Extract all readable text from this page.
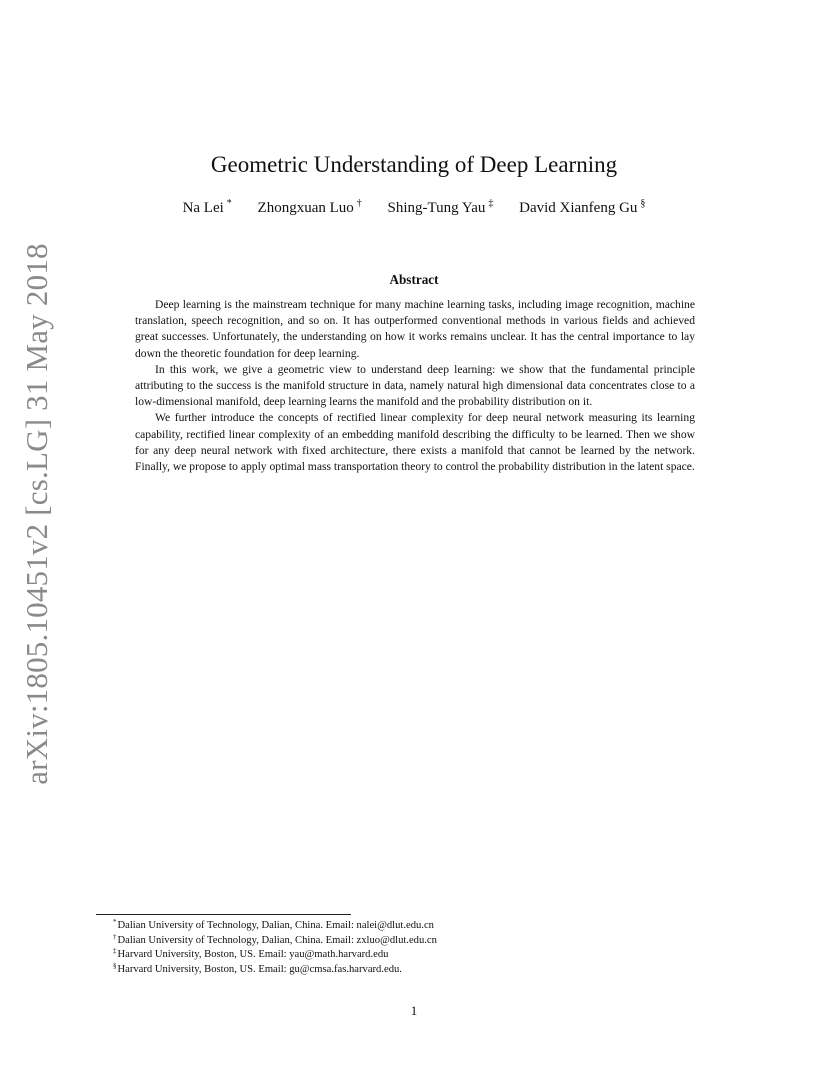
arXiv:1805.10451v2 [cs.LG] 31 May 2018
Geometric Understanding of Deep Learning
Na Lei * Zhongxuan Luo † Shing-Tung Yau ‡ David Xianfeng Gu §
Abstract

Deep learning is the mainstream technique for many machine learning tasks, including image recognition, machine translation, speech recognition, and so on. It has outperformed conventional methods in various fields and achieved great successes. Unfortunately, the understanding on how it works remains unclear. It has the central importance to lay down the theoretic foundation for deep learning.

In this work, we give a geometric view to understand deep learning: we show that the fundamental principle attributing to the success is the manifold structure in data, namely natural high dimensional data concentrates close to a low-dimensional manifold, deep learning learns the manifold and the probability distribution on it.

We further introduce the concepts of rectified linear complexity for deep neural network measuring its learning capability, rectified linear complexity of an embedding manifold describing the difficulty to be learned. Then we show for any deep neural network with fixed architecture, there exists a manifold that cannot be learned by the network. Finally, we propose to apply optimal mass transportation theory to control the probability distribution in the latent space.

*Dalian University of Technology, Dalian, China. Email: nalei@dlut.edu.cn
†Dalian University of Technology, Dalian, China. Email: zxluo@dlut.edu.cn
‡Harvard University, Boston, US. Email: yau@math.harvard.edu
§Harvard University, Boston, US. Email: gu@cmsa.fas.harvard.edu.
1
